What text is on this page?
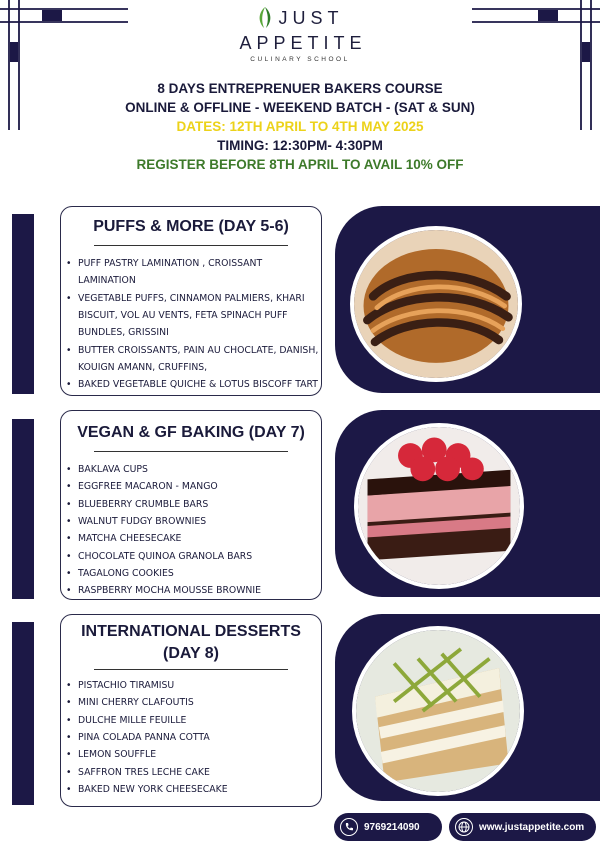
JUST
APPETITE
CULINARY SCHOOL
8 DAYS ENTREPRENUER BAKERS COURSE
ONLINE & OFFLINE - WEEKEND BATCH - (SAT & SUN)
DATES: 12TH APRIL TO 4TH MAY 2025
TIMING: 12:30PM- 4:30PM
REGISTER BEFORE 8TH APRIL TO AVAIL 10% OFF
PUFFS & MORE (DAY 5-6)
• PUFF PASTRY LAMINATION , CROISSANT LAMINATION
• VEGETABLE PUFFS, CINNAMON PALMIERS, KHARI BISCUIT, VOL AU VENTS, FETA SPINACH PUFF BUNDLES, GRISSINI
• BUTTER CROISSANTS, PAIN AU CHOCLATE, DANISH, KOUIGN AMANN, CRUFFINS,
• BAKED VEGETABLE QUICHE & LOTUS BISCOFF TART
VEGAN & GF BAKING (DAY 7)
• BAKLAVA CUPS
• EGGFREE MACARON - MANGO
• BLUEBERRY CRUMBLE BARS
• WALNUT FUDGY BROWNIES
• MATCHA CHEESECAKE
• CHOCOLATE QUINOA GRANOLA BARS
• TAGALONG COOKIES
• RASPBERRY MOCHA MOUSSE BROWNIE
INTERNATIONAL DESSERTS
(DAY 8)
• PISTACHIO TIRAMISU
• MINI CHERRY CLAFOUTIS
• DULCHE MILLE FEUILLE
• PINA COLADA PANNA COTTA
• LEMON SOUFFLE
• SAFFRON TRES LECHE CAKE
• BAKED NEW YORK CHEESECAKE
9769214090	www.justappetite.com
